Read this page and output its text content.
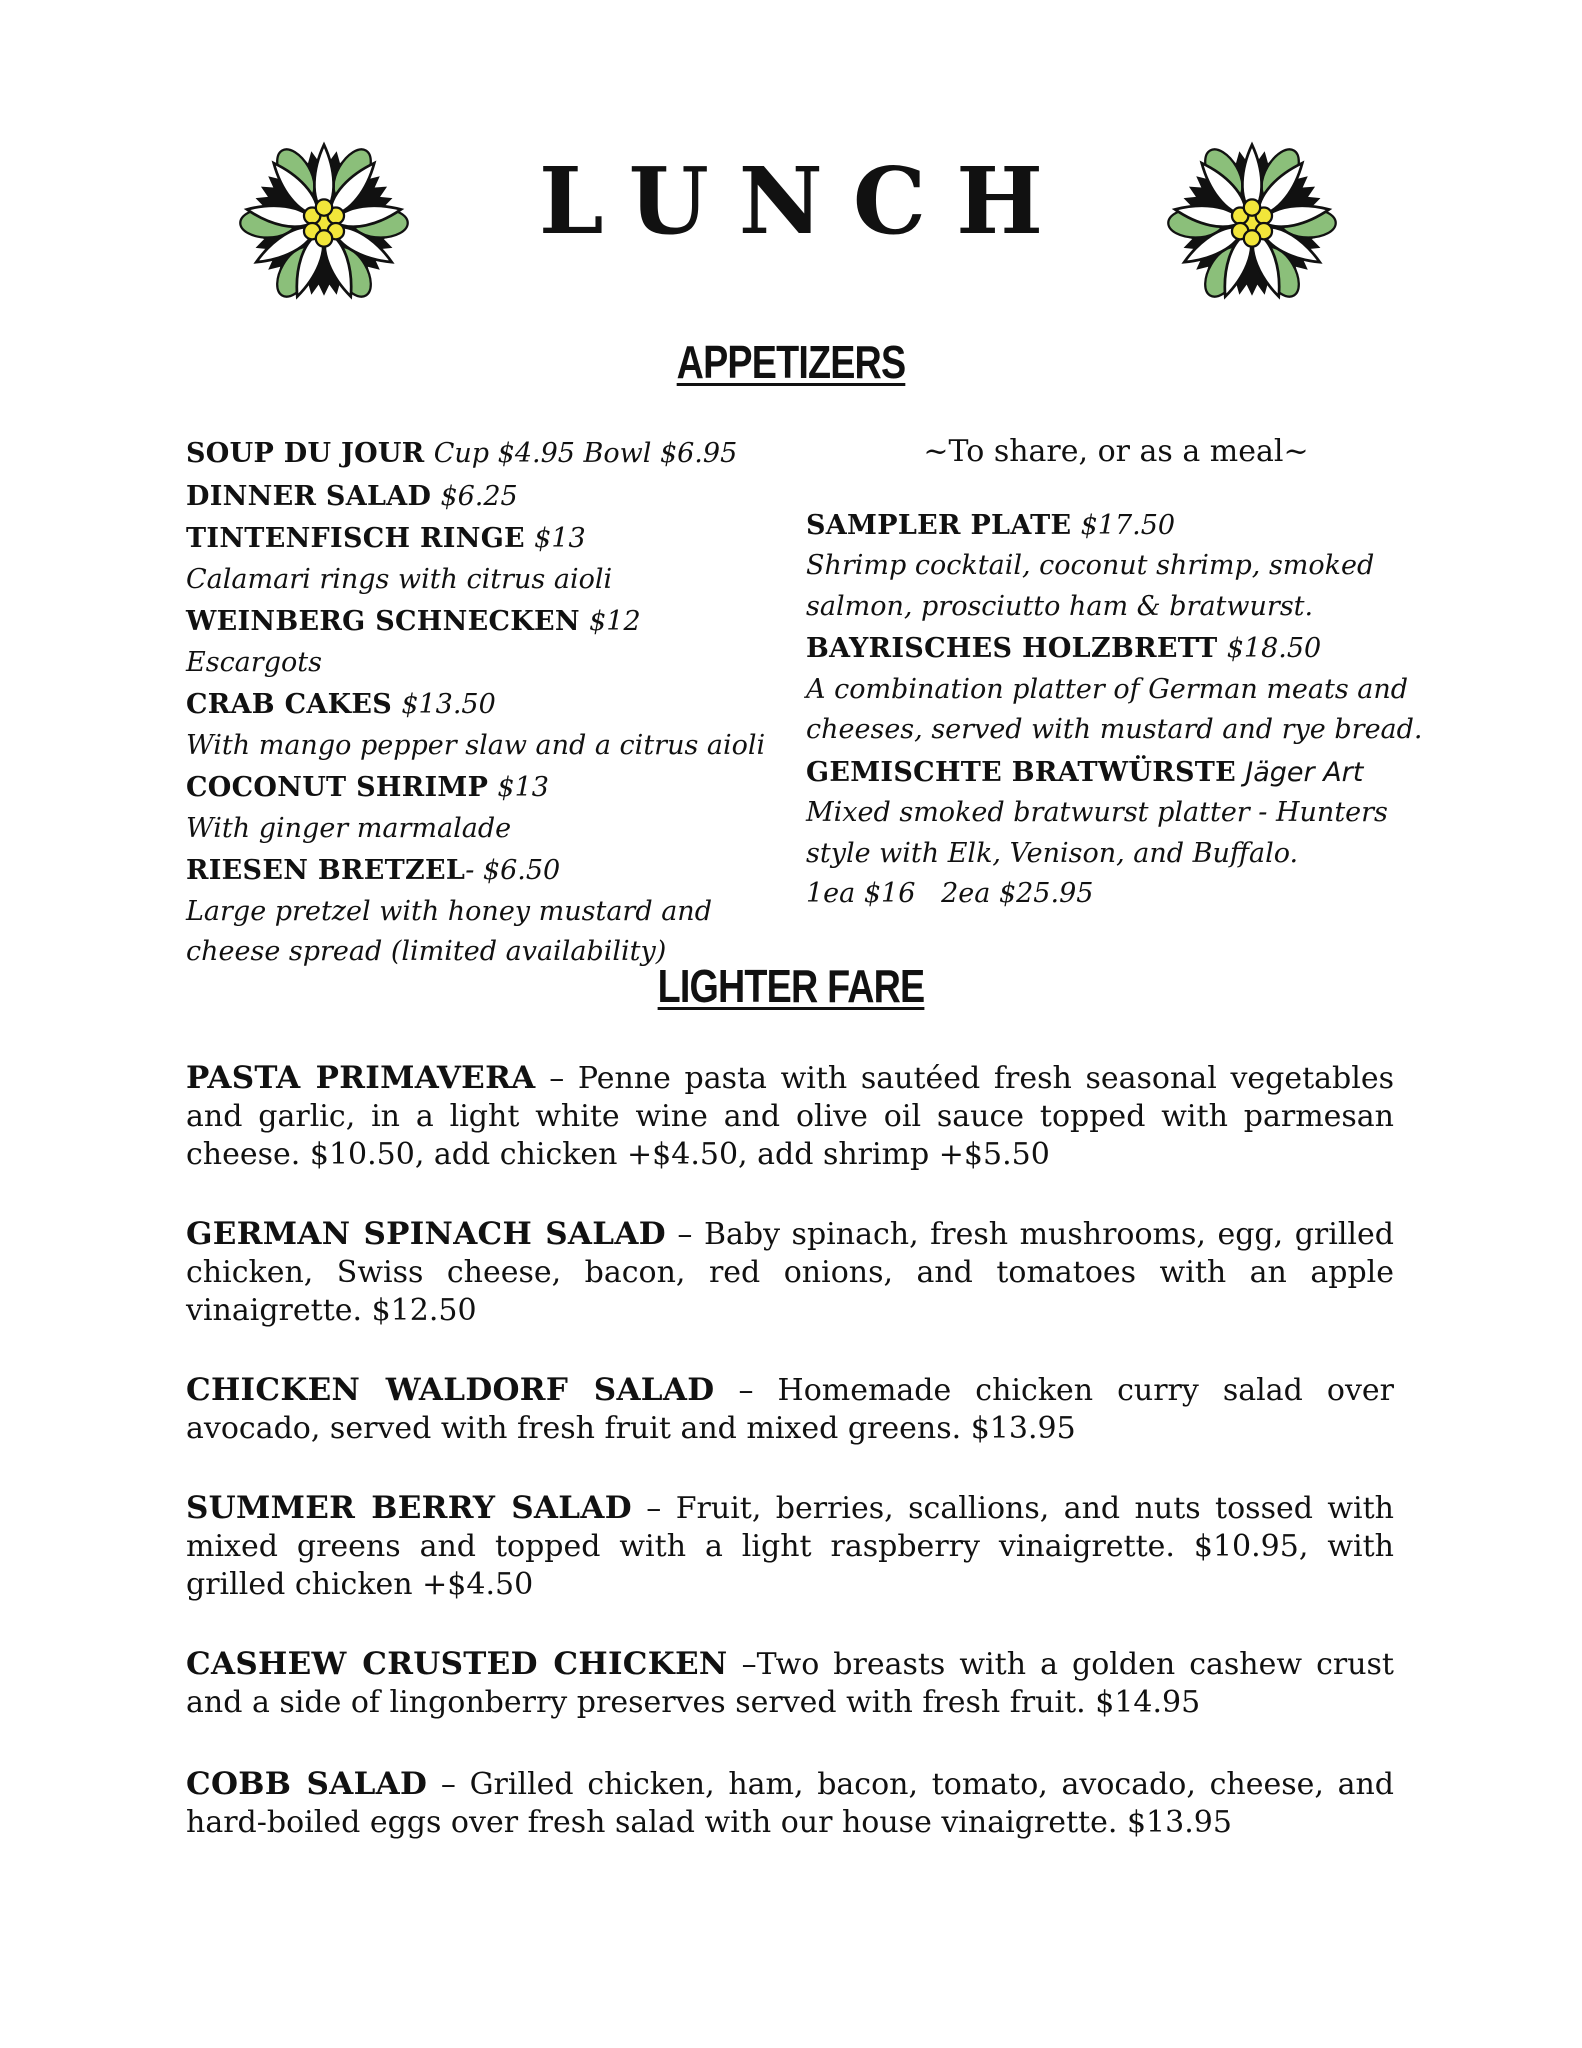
LUNCH
APPETIZERS
SOUP DU JOUR Cup $4.95 Bowl $6.95
DINNER SALAD $6.25
TINTENFISCH RINGE $13
Calamari rings with citrus aioli
WEINBERG SCHNECKEN $12
Escargots
CRAB CAKES $13.50
With mango pepper slaw and a citrus aioli
COCONUT SHRIMP $13
With ginger marmalade
RIESEN BRETZEL- $6.50
Large pretzel with honey mustard and cheese spread (limited availability)
~To share, or as a meal~
SAMPLER PLATE $17.50
Shrimp cocktail, coconut shrimp, smoked salmon, prosciutto ham & bratwurst.
BAYRISCHES HOLZBRETT $18.50
A combination platter of German meats and cheeses, served with mustard and rye bread.
GEMISCHTE BRATWÜRSTE Jäger Art
Mixed smoked bratwurst platter - Hunters style with Elk, Venison, and Buffalo.
1ea $16   2ea $25.95
LIGHTER FARE
PASTA PRIMAVERA – Penne pasta with sautéed fresh seasonal vegetables and garlic, in a light white wine and olive oil sauce topped with parmesan cheese. $10.50, add chicken +$4.50, add shrimp +$5.50
GERMAN SPINACH SALAD – Baby spinach, fresh mushrooms, egg, grilled chicken, Swiss cheese, bacon, red onions, and tomatoes with an apple vinaigrette. $12.50
CHICKEN WALDORF SALAD – Homemade chicken curry salad over avocado, served with fresh fruit and mixed greens. $13.95
SUMMER BERRY SALAD – Fruit, berries, scallions, and nuts tossed with mixed greens and topped with a light raspberry vinaigrette. $10.95, with grilled chicken +$4.50
CASHEW CRUSTED CHICKEN –Two breasts with a golden cashew crust and a side of lingonberry preserves served with fresh fruit. $14.95
COBB SALAD – Grilled chicken, ham, bacon, tomato, avocado, cheese, and hard-boiled eggs over fresh salad with our house vinaigrette. $13.95
